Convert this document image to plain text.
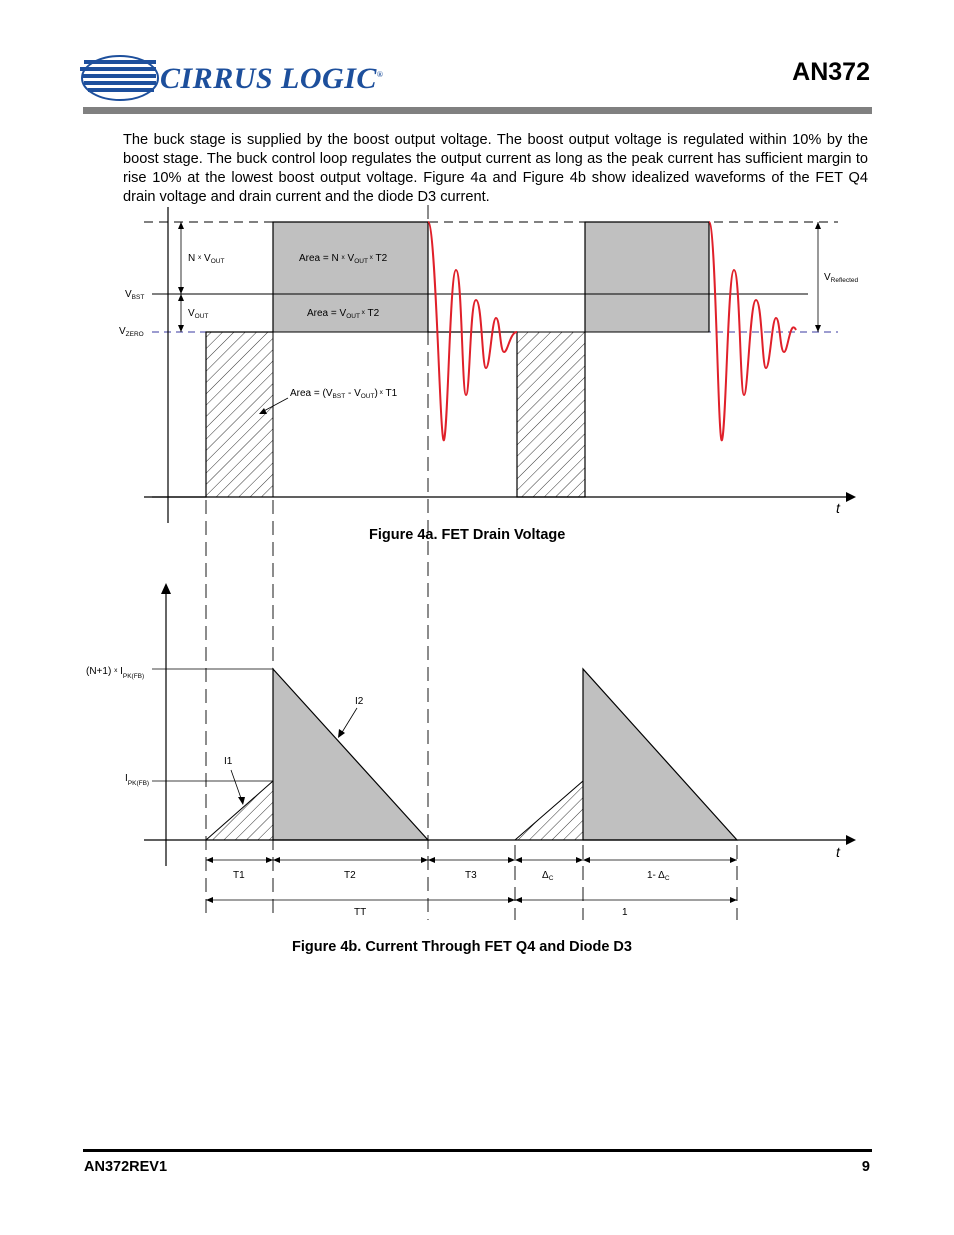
CIRRUS LOGIC®	AN372

The buck stage is supplied by the boost output voltage. The boost output voltage is regulated within 10% by the boost stage. The buck control loop regulates the output current as long as the peak current has sufficient margin to rise 10% at the lowest boost output voltage. Figure 4a and Figure 4b show idealized waveforms of the FET Q4 drain voltage and drain current and the diode D3 current.

$V_{BST}$
$V_{ZERO}$
N $^x$ $V_{OUT}$
$V_{OUT}$
Area = N $^x$ $V_{OUT}$ $^x$ T2
Area = $V_{OUT}$ $^x$ T2
Area = $(V_{BST} - V_{OUT})$ $^x$ T1
$V_{Reflected}$
t
(N+1) $^x$ $I_{PK(FB)}$
$I_{PK(FB)}$
I1
I2
T1	T2	T3	$\Delta_C$	1- $\Delta_C$
TT	1
t
Figure 4a. FET Drain Voltage
Figure 4b. Current Through FET Q4 and Diode D3
AN372REV1	9
